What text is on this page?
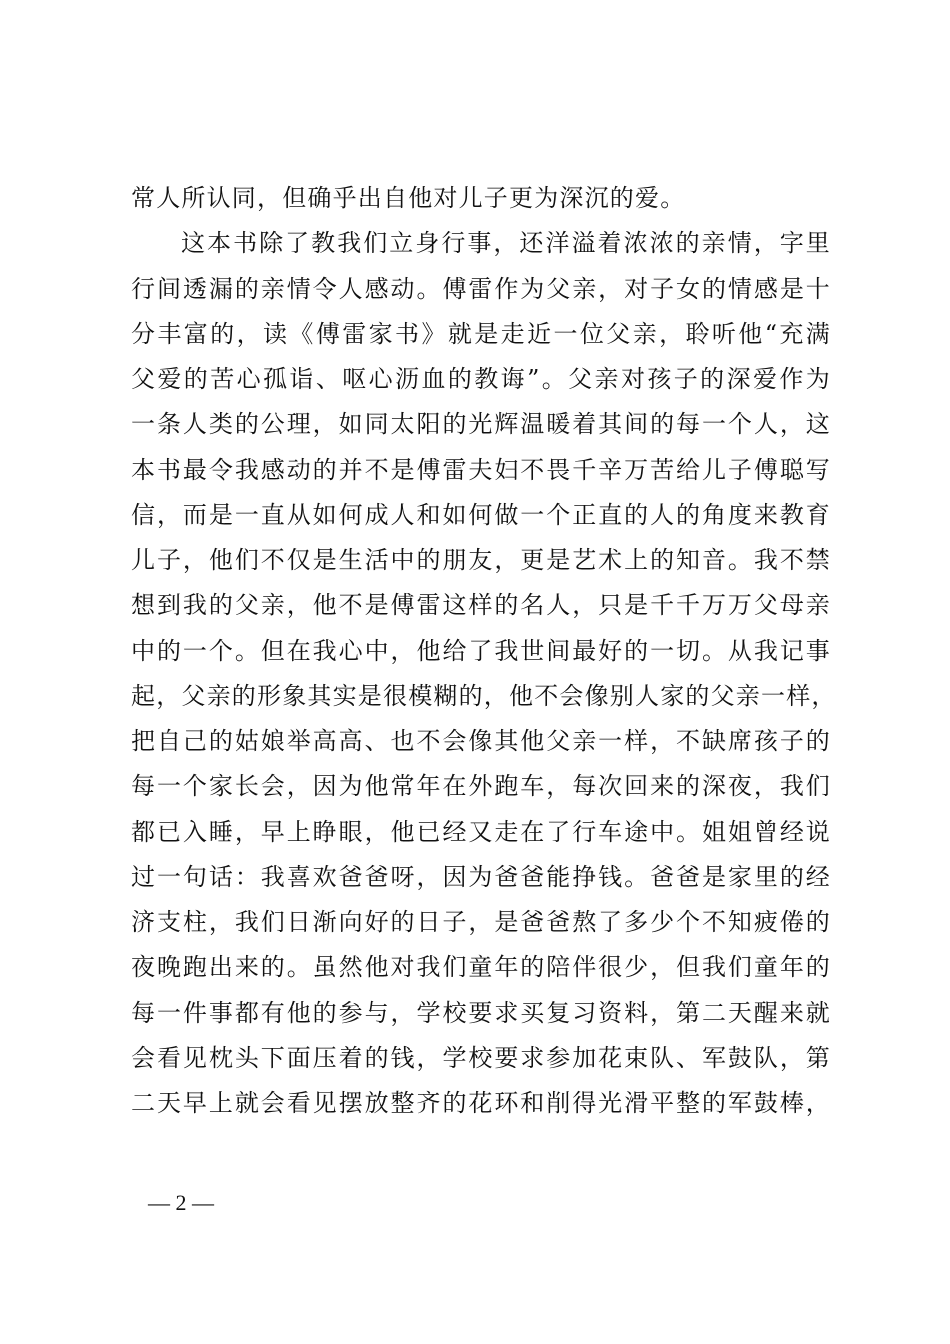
常人所认同，但确乎出自他对儿子更为深沉的爱。
这本书除了教我们立身行事，还洋溢着浓浓的亲情，字里
行间透漏的亲情令人感动。傅雷作为父亲，对子女的情感是十
分丰富的，读《傅雷家书》就是走近一位父亲，聆听他“充满
父爱的苦心孤诣、呕心沥血的教诲”。父亲对孩子的深爱作为
一条人类的公理，如同太阳的光辉温暖着其间的每一个人，这
本书最令我感动的并不是傅雷夫妇不畏千辛万苦给儿子傅聪写
信，而是一直从如何成人和如何做一个正直的人的角度来教育
儿子，他们不仅是生活中的朋友，更是艺术上的知音。我不禁
想到我的父亲，他不是傅雷这样的名人，只是千千万万父母亲
中的一个。但在我心中，他给了我世间最好的一切。从我记事
起，父亲的形象其实是很模糊的，他不会像别人家的父亲一样，
把自己的姑娘举高高、也不会像其他父亲一样，不缺席孩子的
每一个家长会，因为他常年在外跑车，每次回来的深夜，我们
都已入睡，早上睁眼，他已经又走在了行车途中。姐姐曾经说
过一句话：我喜欢爸爸呀，因为爸爸能挣钱。爸爸是家里的经
济支柱，我们日渐向好的日子，是爸爸熬了多少个不知疲倦的
夜晚跑出来的。虽然他对我们童年的陪伴很少，但我们童年的
每一件事都有他的参与，学校要求买复习资料，第二天醒来就
会看见枕头下面压着的钱，学校要求参加花束队、军鼓队，第
二天早上就会看见摆放整齐的花环和削得光滑平整的军鼓棒，
— 2 —
